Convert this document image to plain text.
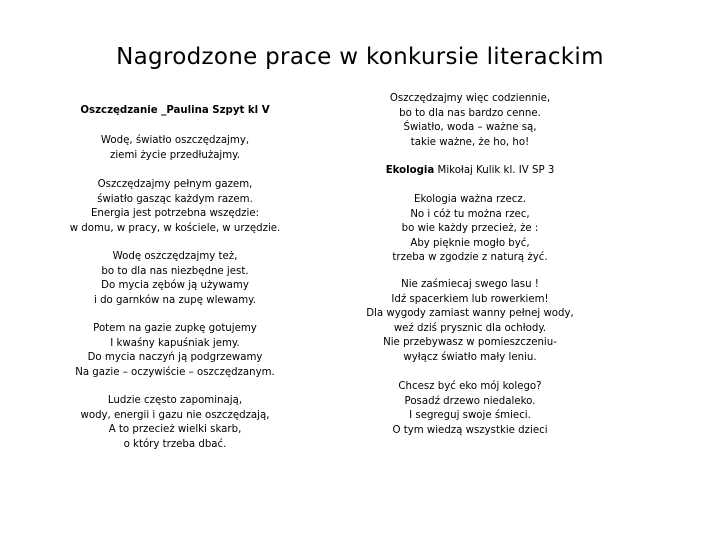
Nagrodzone prace w konkursie literackim
Oszczędzanie _Paulina Szpyt kl V
Wodę, światło oszczędzajmy,
ziemi życie przedłużajmy.
Oszczędzajmy pełnym gazem,
światło gasząc każdym razem.
Energia jest potrzebna wszędzie:
w domu, w pracy, w kościele, w urzędzie.
Wodę oszczędzajmy też,
bo to dla nas niezbędne jest.
Do mycia zębów ją używamy
i do garnków na zupę wlewamy.
Potem na gazie zupkę gotujemy
I kwaśny kapuśniak jemy.
Do mycia naczyń ją podgrzewamy
Na gazie – oczywiście – oszczędzanym.
Ludzie często zapominają,
wody, energii i gazu nie oszczędzają,
A to przecież wielki skarb,
o który trzeba dbać.
Oszczędzajmy więc codziennie,
bo to dla nas bardzo cenne.
Światło, woda – ważne są,
takie ważne, że ho, ho!
Ekologia Mikołaj Kulik kl. IV SP 3
Ekologia ważna rzecz.
No i cóż tu można rzec,
bo wie każdy przecież, że :
Aby pięknie mogło być,
trzeba w zgodzie z naturą żyć.
Nie zaśmiecaj swego lasu !
Idź spacerkiem lub rowerkiem!
Dla wygody zamiast wanny pełnej wody,
weź dziś prysznic dla ochłody.
Nie przebywasz w pomieszczeniu-
wyłącz światło mały leniu.
Chcesz być eko mój kolego?
Posadź drzewo niedaleko.
I segreguj swoje śmieci.
O tym wiedzą wszystkie dzieci
